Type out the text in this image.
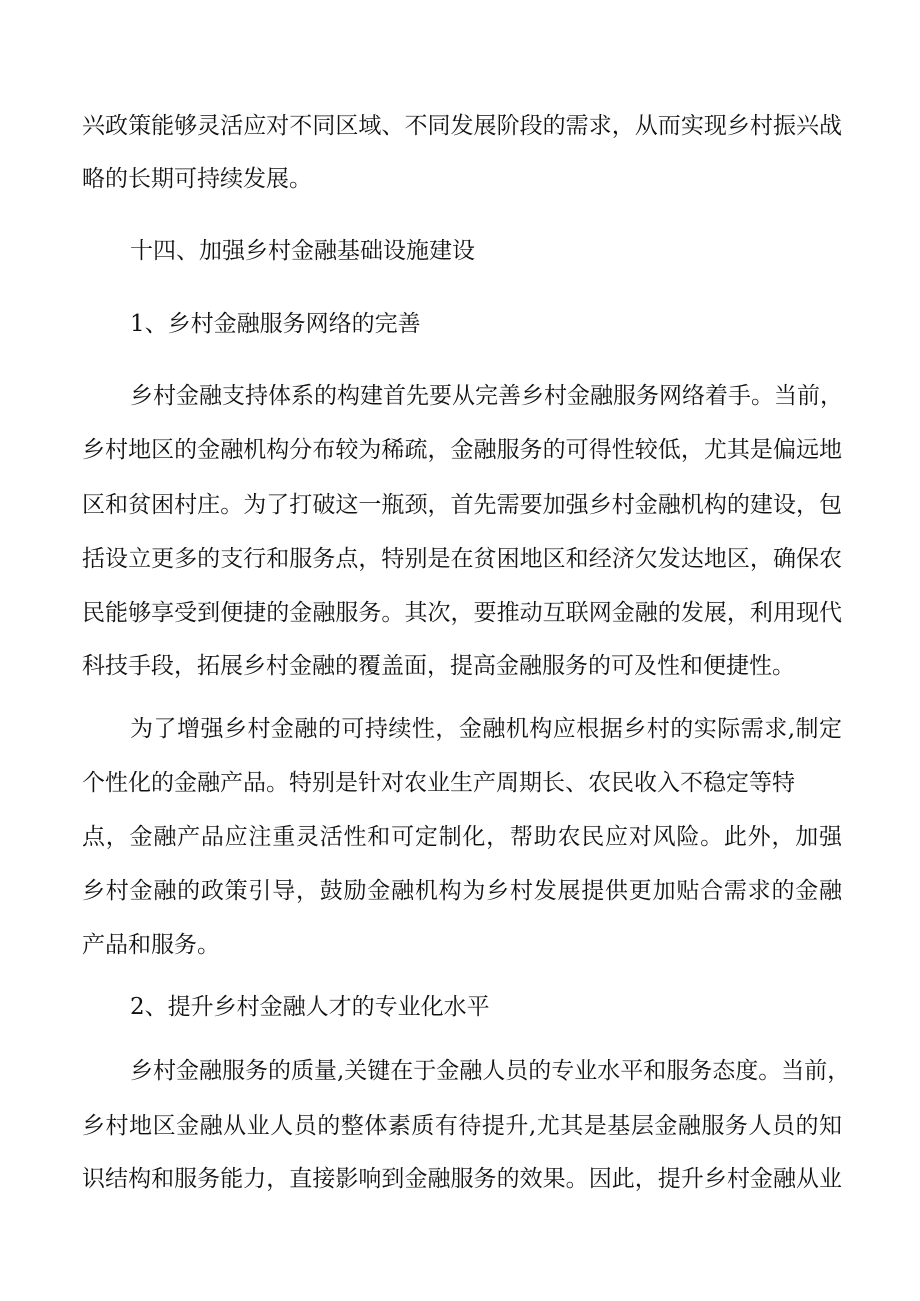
兴政策能够灵活应对不同区域、不同发展阶段的需求，从而实现乡村振兴战
略的长期可持续发展。
十四、加强乡村金融基础设施建设
1、乡村金融服务网络的完善
乡村金融支持体系的构建首先要从完善乡村金融服务网络着手。当前，
乡村地区的金融机构分布较为稀疏，金融服务的可得性较低，尤其是偏远地
区和贫困村庄。为了打破这一瓶颈，首先需要加强乡村金融机构的建设，包
括设立更多的支行和服务点，特别是在贫困地区和经济欠发达地区，确保农
民能够享受到便捷的金融服务。其次，要推动互联网金融的发展，利用现代
科技手段，拓展乡村金融的覆盖面，提高金融服务的可及性和便捷性。
为了增强乡村金融的可持续性，金融机构应根据乡村的实际需求,制定
个性化的金融产品。特别是针对农业生产周期长、农民收入不稳定等特
点，金融产品应注重灵活性和可定制化，帮助农民应对风险。此外，加强
乡村金融的政策引导，鼓励金融机构为乡村发展提供更加贴合需求的金融
产品和服务。
2、提升乡村金融人才的专业化水平
乡村金融服务的质量,关键在于金融人员的专业水平和服务态度。当前，
乡村地区金融从业人员的整体素质有待提升,尤其是基层金融服务人员的知
识结构和服务能力，直接影响到金融服务的效果。因此，提升乡村金融从业
